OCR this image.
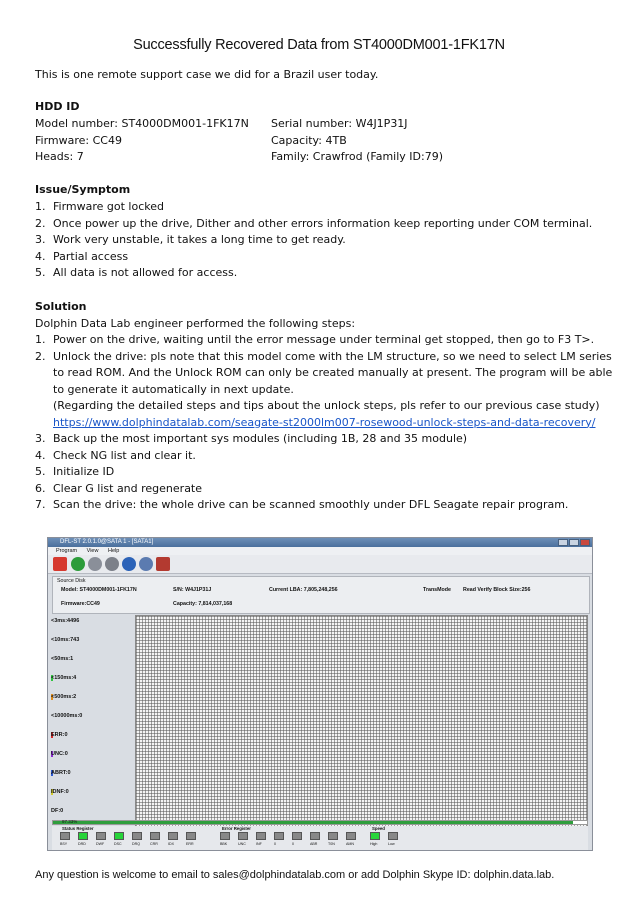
Successfully Recovered Data from ST4000DM001-1FK17N
This is one remote support case we did for a Brazil user today.
HDD ID
Model number: ST4000DM001-1FK17N Serial number: W4J1P31J
Firmware: CC49	Capacity: 4TB
Heads: 7	Family: Crawfrod (Family ID:79)
Issue/Symptom
1. Firmware got locked
2. Once power up the drive, Dither and other errors information keep reporting under COM terminal.
3. Work very unstable, it takes a long time to get ready.
4. Partial access
5. All data is not allowed for access.
Solution
Dolphin Data Lab engineer performed the following steps:
1. Power on the drive, waiting until the error message under terminal get stopped, then go to F3 T>.
2. Unlock the drive: pls note that this model come with the LM structure, so we need to select LM series
to read ROM. And the Unlock ROM can only be created manually at present. The program will be able
to generate it automatically in next update.
(Regarding the detailed steps and tips about the unlock steps, pls refer to our previous case study)
https://www.dolphindatalab.com/seagate-st2000lm007-rosewood-unlock-steps-and-data-recovery/
3. Back up the most important sys modules (including 1B, 28 and 35 module)
4. Check NG list and clear it.
5. Initialize ID
6. Clear G list and regenerate
7. Scan the drive: the whole drive can be scanned smoothly under DFL Seagate repair program.
DFL-ST 2.0.1.0@SATA 1 - [SATA1]
Program View Help
Source Disk
Model: ST4000DM001-1FK17N	S/N: W4J1P31J	Current LBA: 7,805,248,256	TransMode Read Verify Block Size:256
Firmware:CC49	Capacity: 7,814,037,168
<3ms:4496
<10ms:743
<50ms:1
<150ms:4
<500ms:2
<10000ms:0
ERR:0
UNC:0
ABRT:0
IDNF:0
DF:0
97.33%
Status Register	Error Register	Speed
BSY	DRD	DWF	DSC	DRQ	CRR	IDX	ERR	BBK	UNC	INF	0	0	ABR	T0N	AMN	High	Low
Any question is welcome to email to sales@dolphindatalab.com or add Dolphin Skype ID: dolphin.data.lab.
